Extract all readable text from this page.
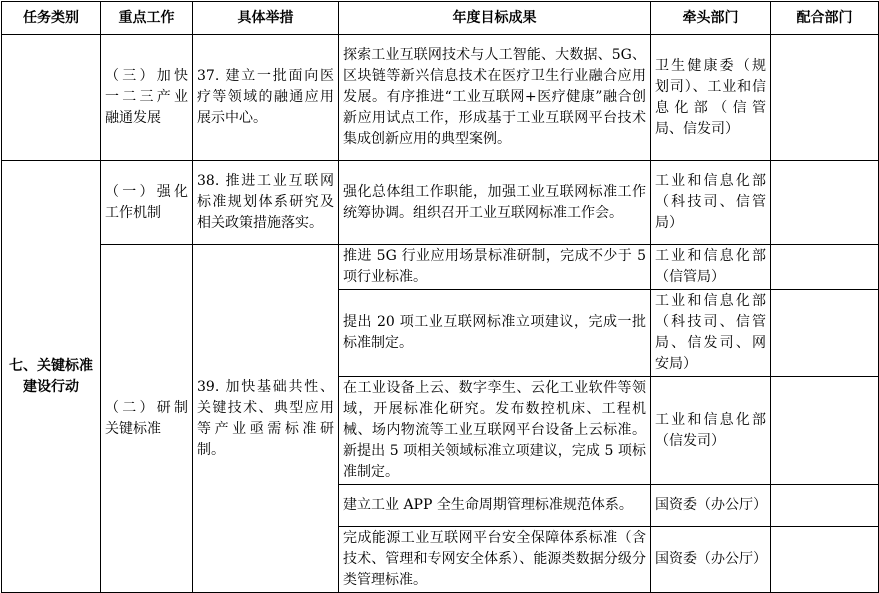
任务类别	重点工作	具体举措	年度目标成果	牵头部门	配合部门
	（三）加快一二三产业融通发展	37. 建立一批面向医疗等领域的融通应用展示中心。	探索工业互联网技术与人工智能、大数据、5G、区块链等新兴信息技术在医疗卫生行业融合应用发展。有序推进“工业互联网+医疗健康”融合创新应用试点工作，形成基于工业互联网平台技术集成创新应用的典型案例。	卫生健康委（规划司）、工业和信息化部（信管局、信发司）	
七、关键标准建设行动	（一）强化工作机制	38. 推进工业互联网标准规划体系研究及相关政策措施落实。	强化总体组工作职能，加强工业互联网标准工作统筹协调。组织召开工业互联网标准工作会。	工业和信息化部（科技司、信管局）	
	（二）研制关键标准	39. 加快基础共性、关键技术、典型应用等产业亟需标准研制。	推进 5G 行业应用场景标准研制，完成不少于 5 项行业标准。	工业和信息化部（信管局）	
			提出 20 项工业互联网标准立项建议，完成一批标准制定。	工业和信息化部（科技司、信管局、信发司、网安局）	
			在工业设备上云、数字孪生、云化工业软件等领域，开展标准化研究。发布数控机床、工程机械、场内物流等工业互联网平台设备上云标准。新提出 5 项相关领域标准立项建议，完成 5 项标准制定。	工业和信息化部（信发司）	
			建立工业 APP 全生命周期管理标准规范体系。	国资委（办公厅）	
			完成能源工业互联网平台安全保障体系标准（含技术、管理和专网安全体系）、能源类数据分级分类管理标准。	国资委（办公厅）	
